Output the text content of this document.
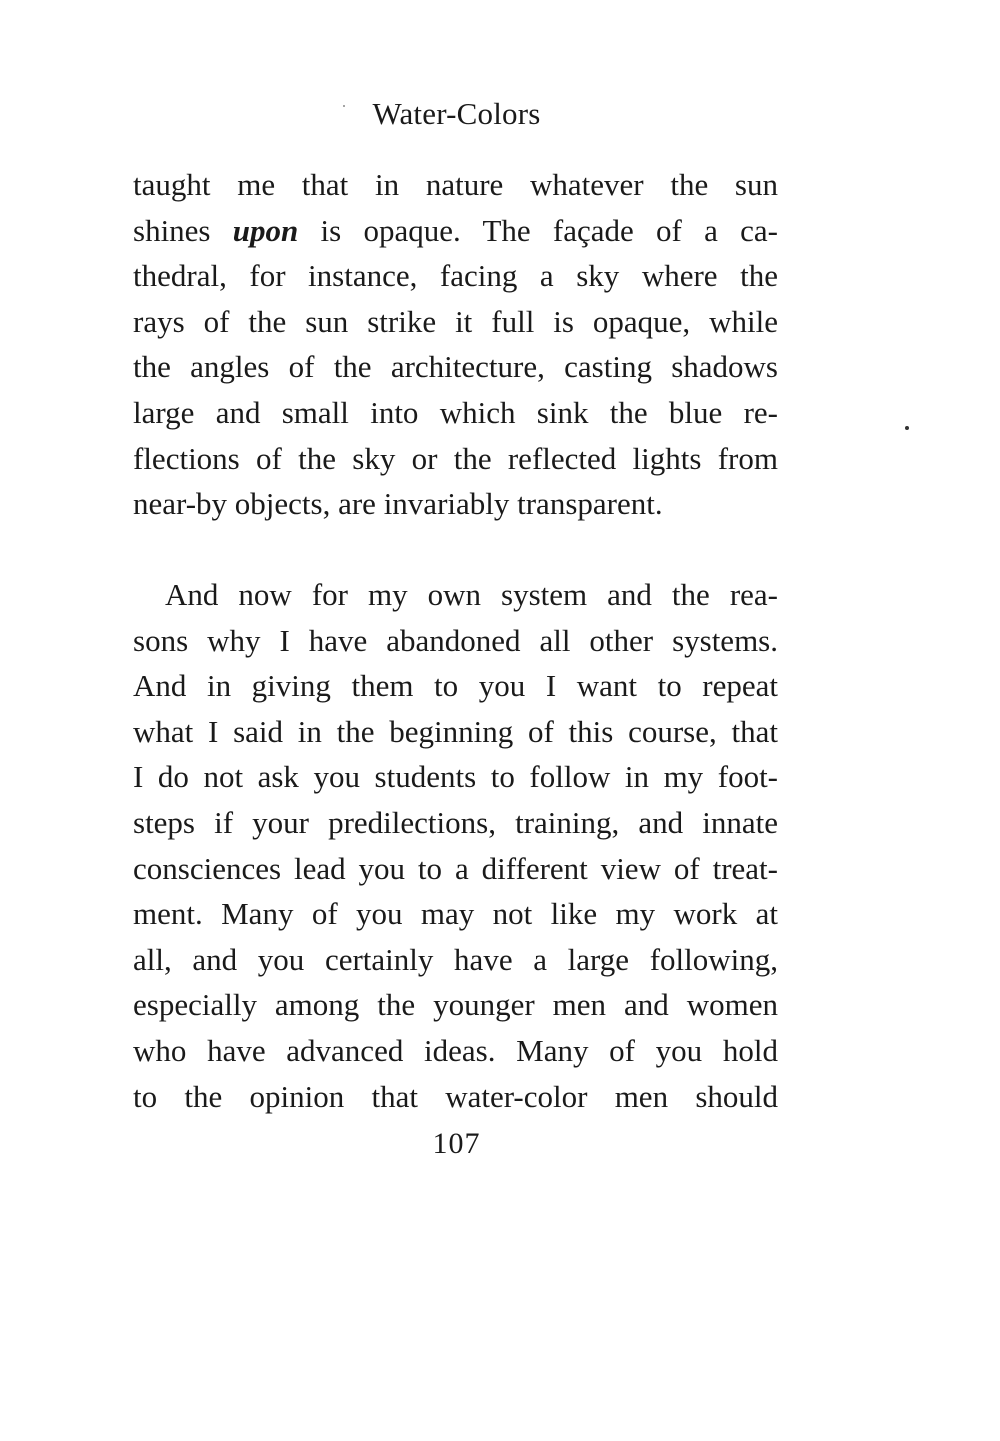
Water-Colors
taught me that in nature whatever the sun
shines upon is opaque. The façade of a ca-
thedral, for instance, facing a sky where the
rays of the sun strike it full is opaque, while
the angles of the architecture, casting shadows
large and small into which sink the blue re-
flections of the sky or the reflected lights from
near-by objects, are invariably transparent.
And now for my own system and the rea-
sons why I have abandoned all other systems.
And in giving them to you I want to repeat
what I said in the beginning of this course, that
I do not ask you students to follow in my foot-
steps if your predilections, training, and innate
consciences lead you to a different view of treat-
ment. Many of you may not like my work at
all, and you certainly have a large following,
especially among the younger men and women
who have advanced ideas. Many of you hold
to the opinion that water-color men should
107
